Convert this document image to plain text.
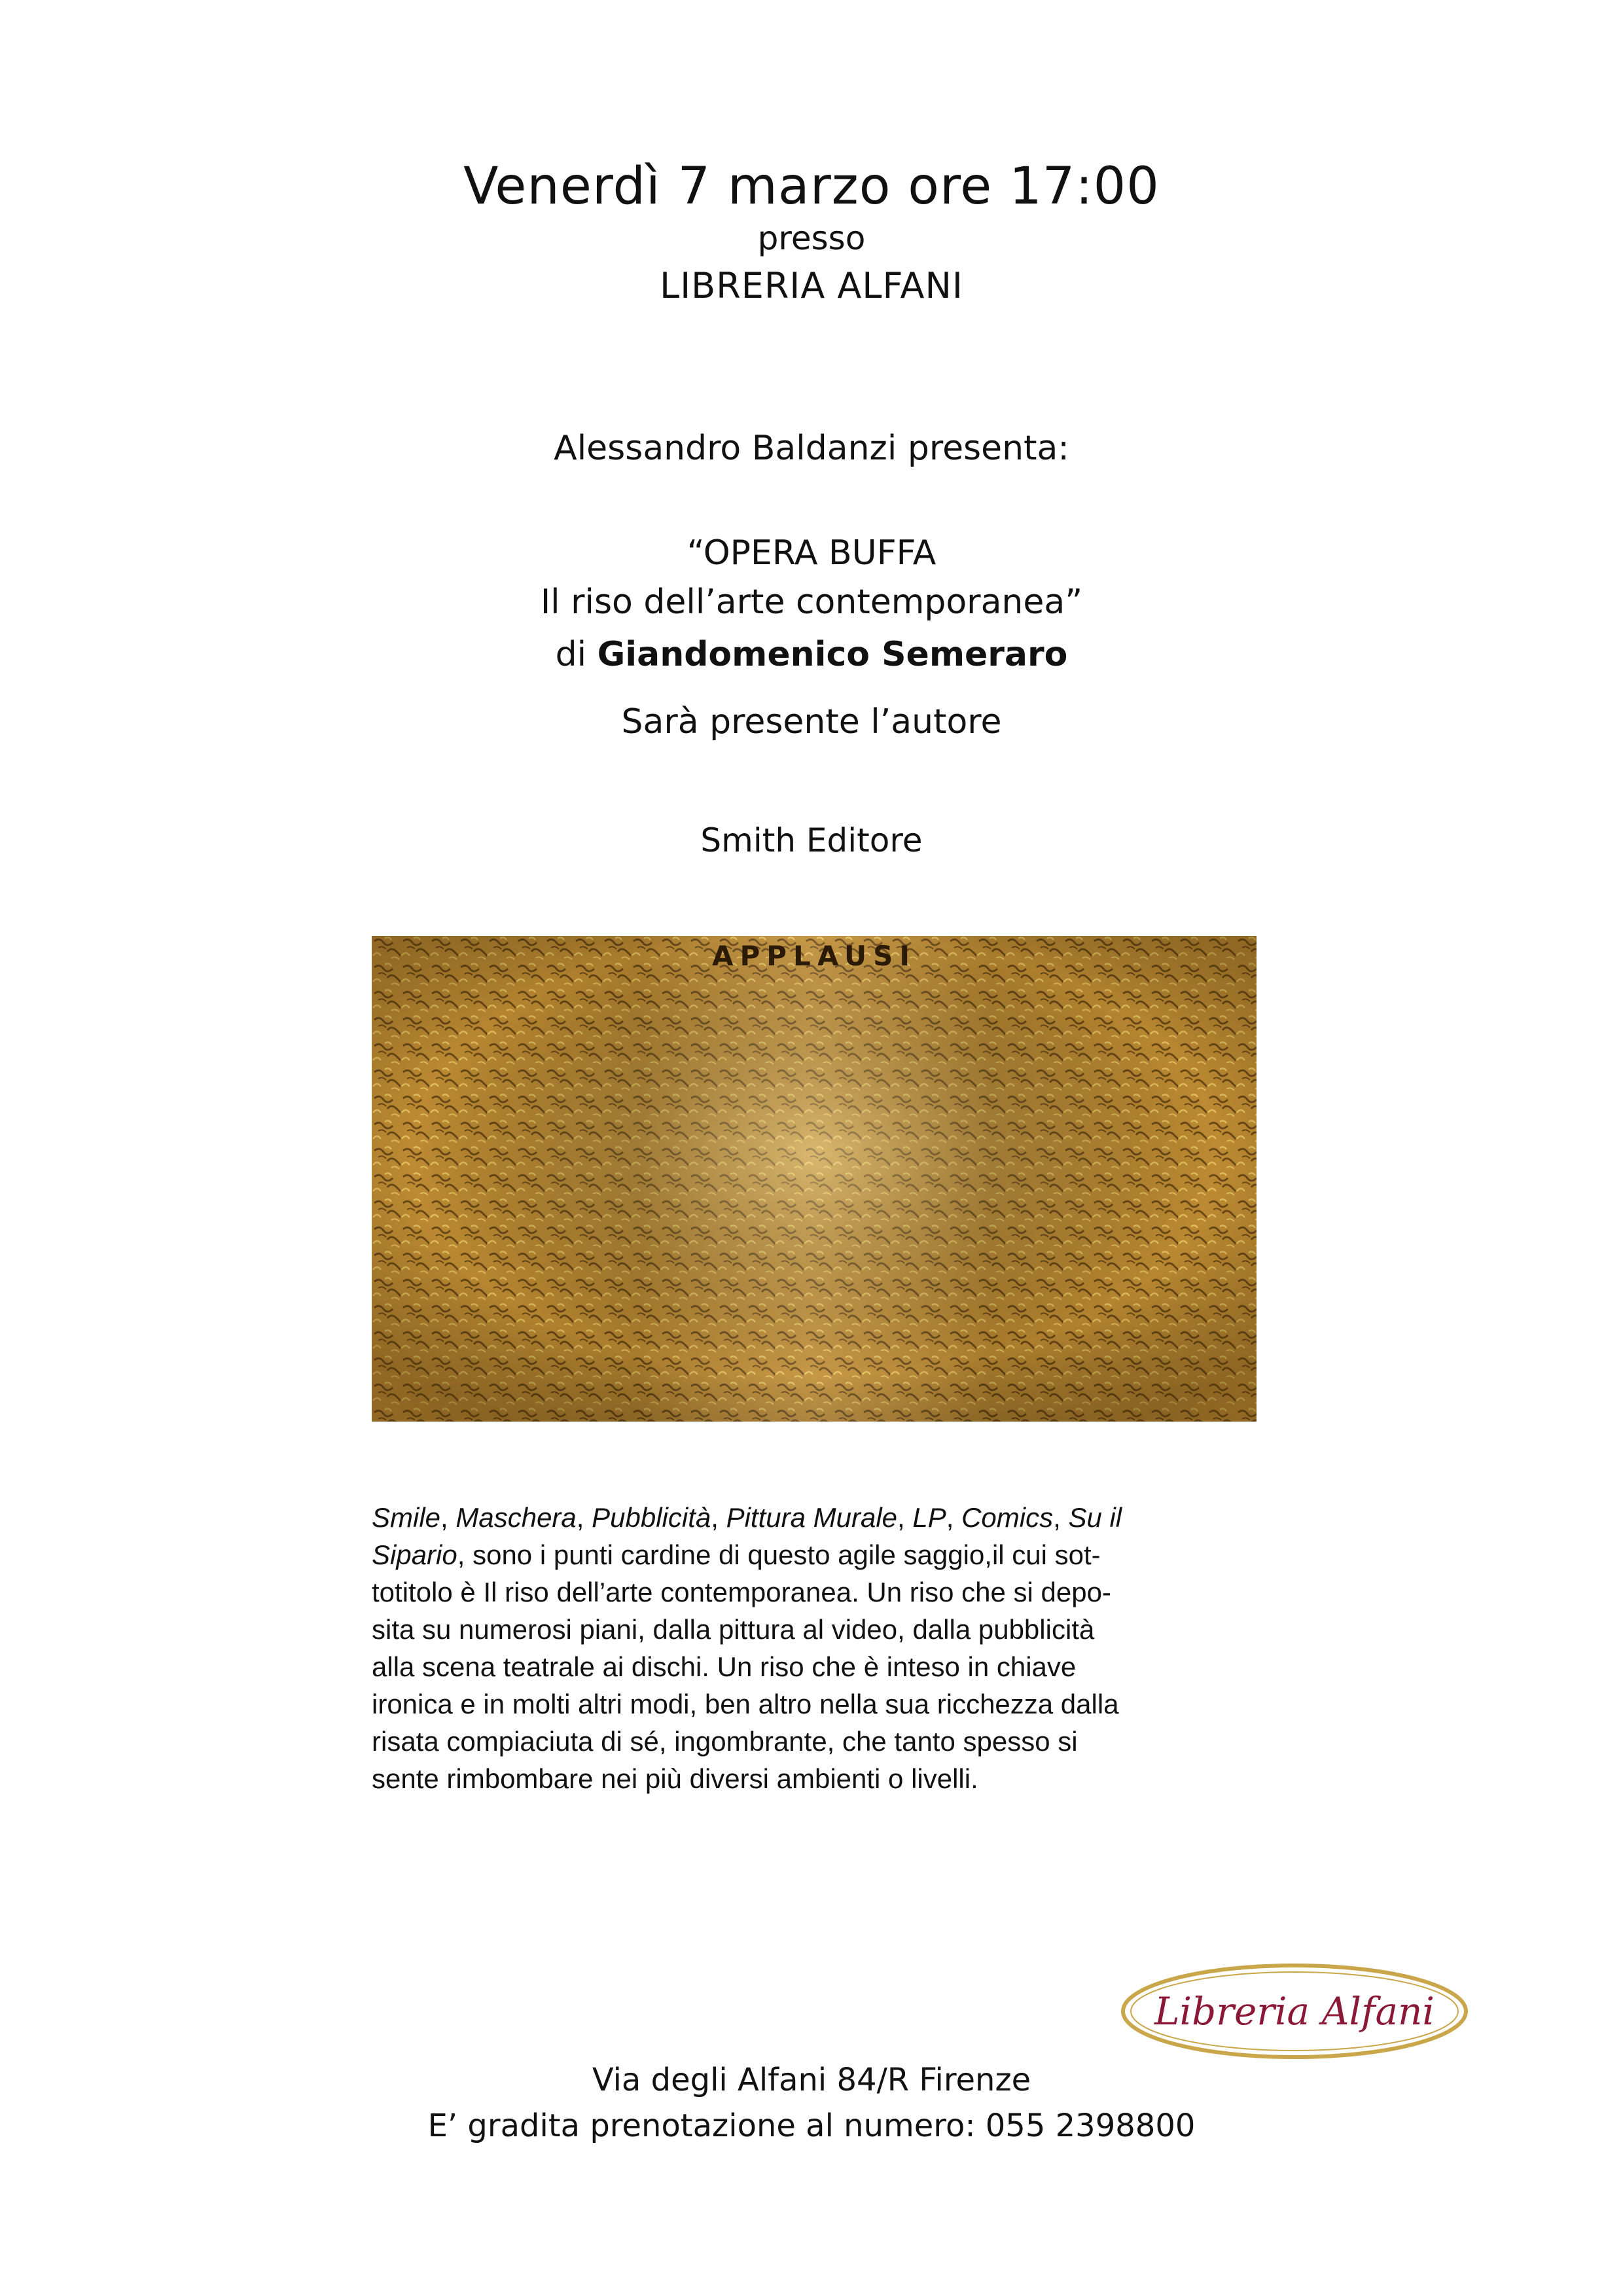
Venerdì 7 marzo ore 17:00
presso
LIBRERIA ALFANI
Alessandro Baldanzi presenta:
“OPERA BUFFA
Il riso dell’arte contemporanea”
di Giandomenico Semeraro
Sarà presente l’autore
Smith Editore
APPLAUSI
Smile, Maschera, Pubblicità, Pittura Murale, LP, Comics, Su il
Sipario, sono i punti cardine di questo agile saggio,il cui sot-
totitolo è Il riso dell’arte contemporanea. Un riso che si depo-
sita su numerosi piani, dalla pittura al video, dalla pubblicità
alla scena teatrale ai dischi. Un riso che è inteso in chiave
ironica e in molti altri modi, ben altro nella sua ricchezza dalla
risata compiaciuta di sé, ingombrante, che tanto spesso si
sente rimbombare nei più diversi ambienti o livelli.
Libreria Alfani
Via degli Alfani 84/R Firenze
E’ gradita prenotazione al numero: 055 2398800
